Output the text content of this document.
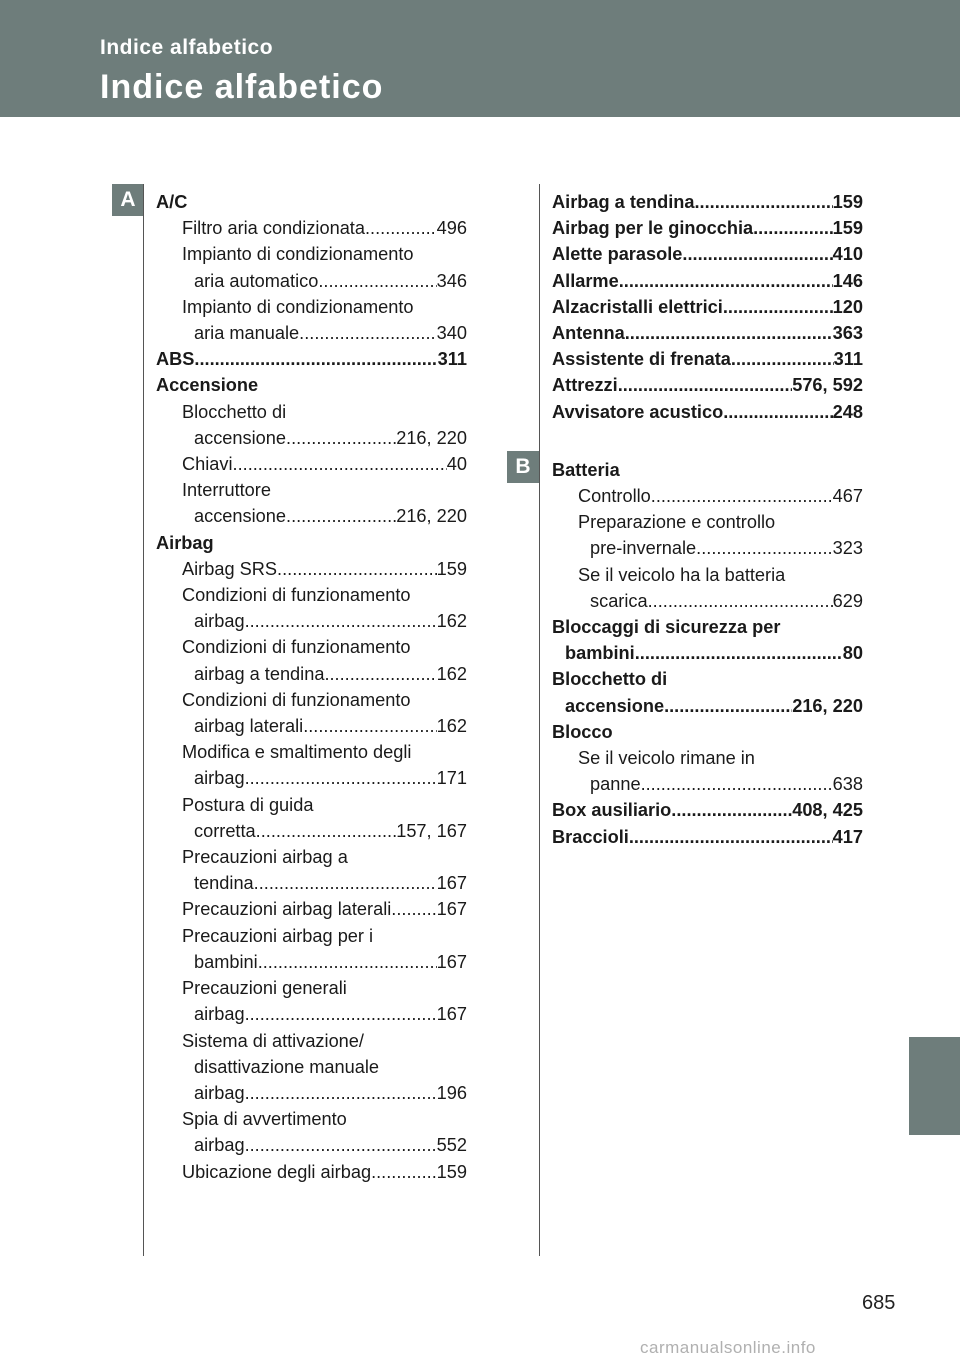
Indice alfabetico
Indice alfabetico
A
B
A/C
Filtro aria condizionata .....	496
Impianto di condizionamento
aria automatico .....	346
Impianto di condizionamento
aria manuale .....	340
ABS .....	311
Accensione
Blocchetto di
accensione .....	216, 220
Chiavi .....	40
Interruttore
accensione .....	216, 220
Airbag
Airbag SRS .....	159
Condizioni di funzionamento
airbag .....	162
Condizioni di funzionamento
airbag a tendina .....	162
Condizioni di funzionamento
airbag laterali .....	162
Modifica e smaltimento degli
airbag .....	171
Postura di guida
corretta .....	157, 167
Precauzioni airbag a
tendina .....	167
Precauzioni airbag laterali ..... 167
Precauzioni airbag per i
bambini .....	167
Precauzioni generali
airbag .....	167
Sistema di attivazione/
disattivazione manuale
airbag .....	196
Spia di avvertimento
airbag .....	552
Ubicazione degli airbag .....	159
Airbag a tendina .....	159
Airbag per le ginocchia .....	159
Alette parasole .....	410
Allarme .....	146
Alzacristalli elettrici .....	120
Antenna .....	363
Assistente di frenata .....	311
Attrezzi .....	576, 592
Avvisatore acustico .....	248
Batteria
Controllo .....	467
Preparazione e controllo
pre-invernale .....	323
Se il veicolo ha la batteria
scarica .....	629
Bloccaggi di sicurezza per
bambini .....	80
Blocchetto di
accensione .....	216, 220
Blocco
Se il veicolo rimane in
panne .....	638
Box ausiliario .....	408, 425
Braccioli .....	417
685
carmanualsonline.info
